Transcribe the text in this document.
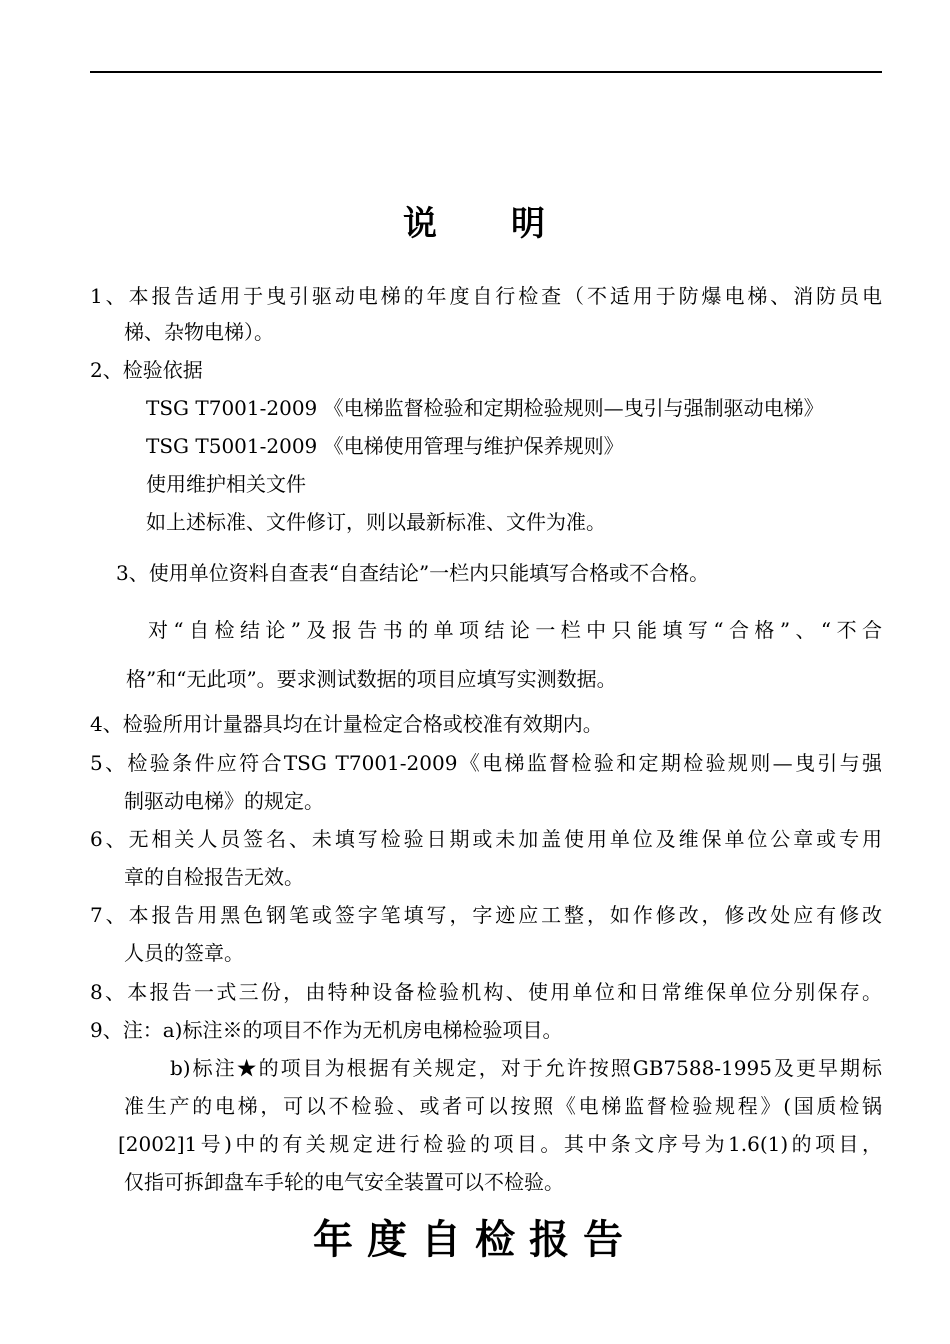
说　　明
1、本报告适用于曳引驱动电梯的年度自行检查（不适用于防爆电梯、消防员电
梯、杂物电梯）。
2、检验依据
TSG T7001-2009 《电梯监督检验和定期检验规则—曳引与强制驱动电梯》
TSG T5001-2009 《电梯使用管理与维护保养规则》
使用维护相关文件
如上述标准、文件修订，则以最新标准、文件为准。
3、使用单位资料自查表“自查结论”一栏内只能填写合格或不合格。
对“自检结论”及报告书的单项结论一栏中只能填写“合格”、“不合
格”和“无此项”。要求测试数据的项目应填写实测数据。
4、检验所用计量器具均在计量检定合格或校准有效期内。
5、检验条件应符合TSG T7001-2009《电梯监督检验和定期检验规则—曳引与强
制驱动电梯》的规定。
6、无相关人员签名、未填写检验日期或未加盖使用单位及维保单位公章或专用
章的自检报告无效。
7、本报告用黑色钢笔或签字笔填写，字迹应工整，如作修改，修改处应有修改
人员的签章。
8、本报告一式三份，由特种设备检验机构、使用单位和日常维保单位分别保存。
9、注：a)标注※的项目不作为无机房电梯检验项目。
b)标注★的项目为根据有关规定，对于允许按照GB7588-1995及更早期标
准生产的电梯，可以不检验、或者可以按照《电梯监督检验规程》(国质检锅
[2002]1号)中的有关规定进行检验的项目。其中条文序号为1.6(1)的项目，
仅指可拆卸盘车手轮的电气安全装置可以不检验。
年度自检报告
